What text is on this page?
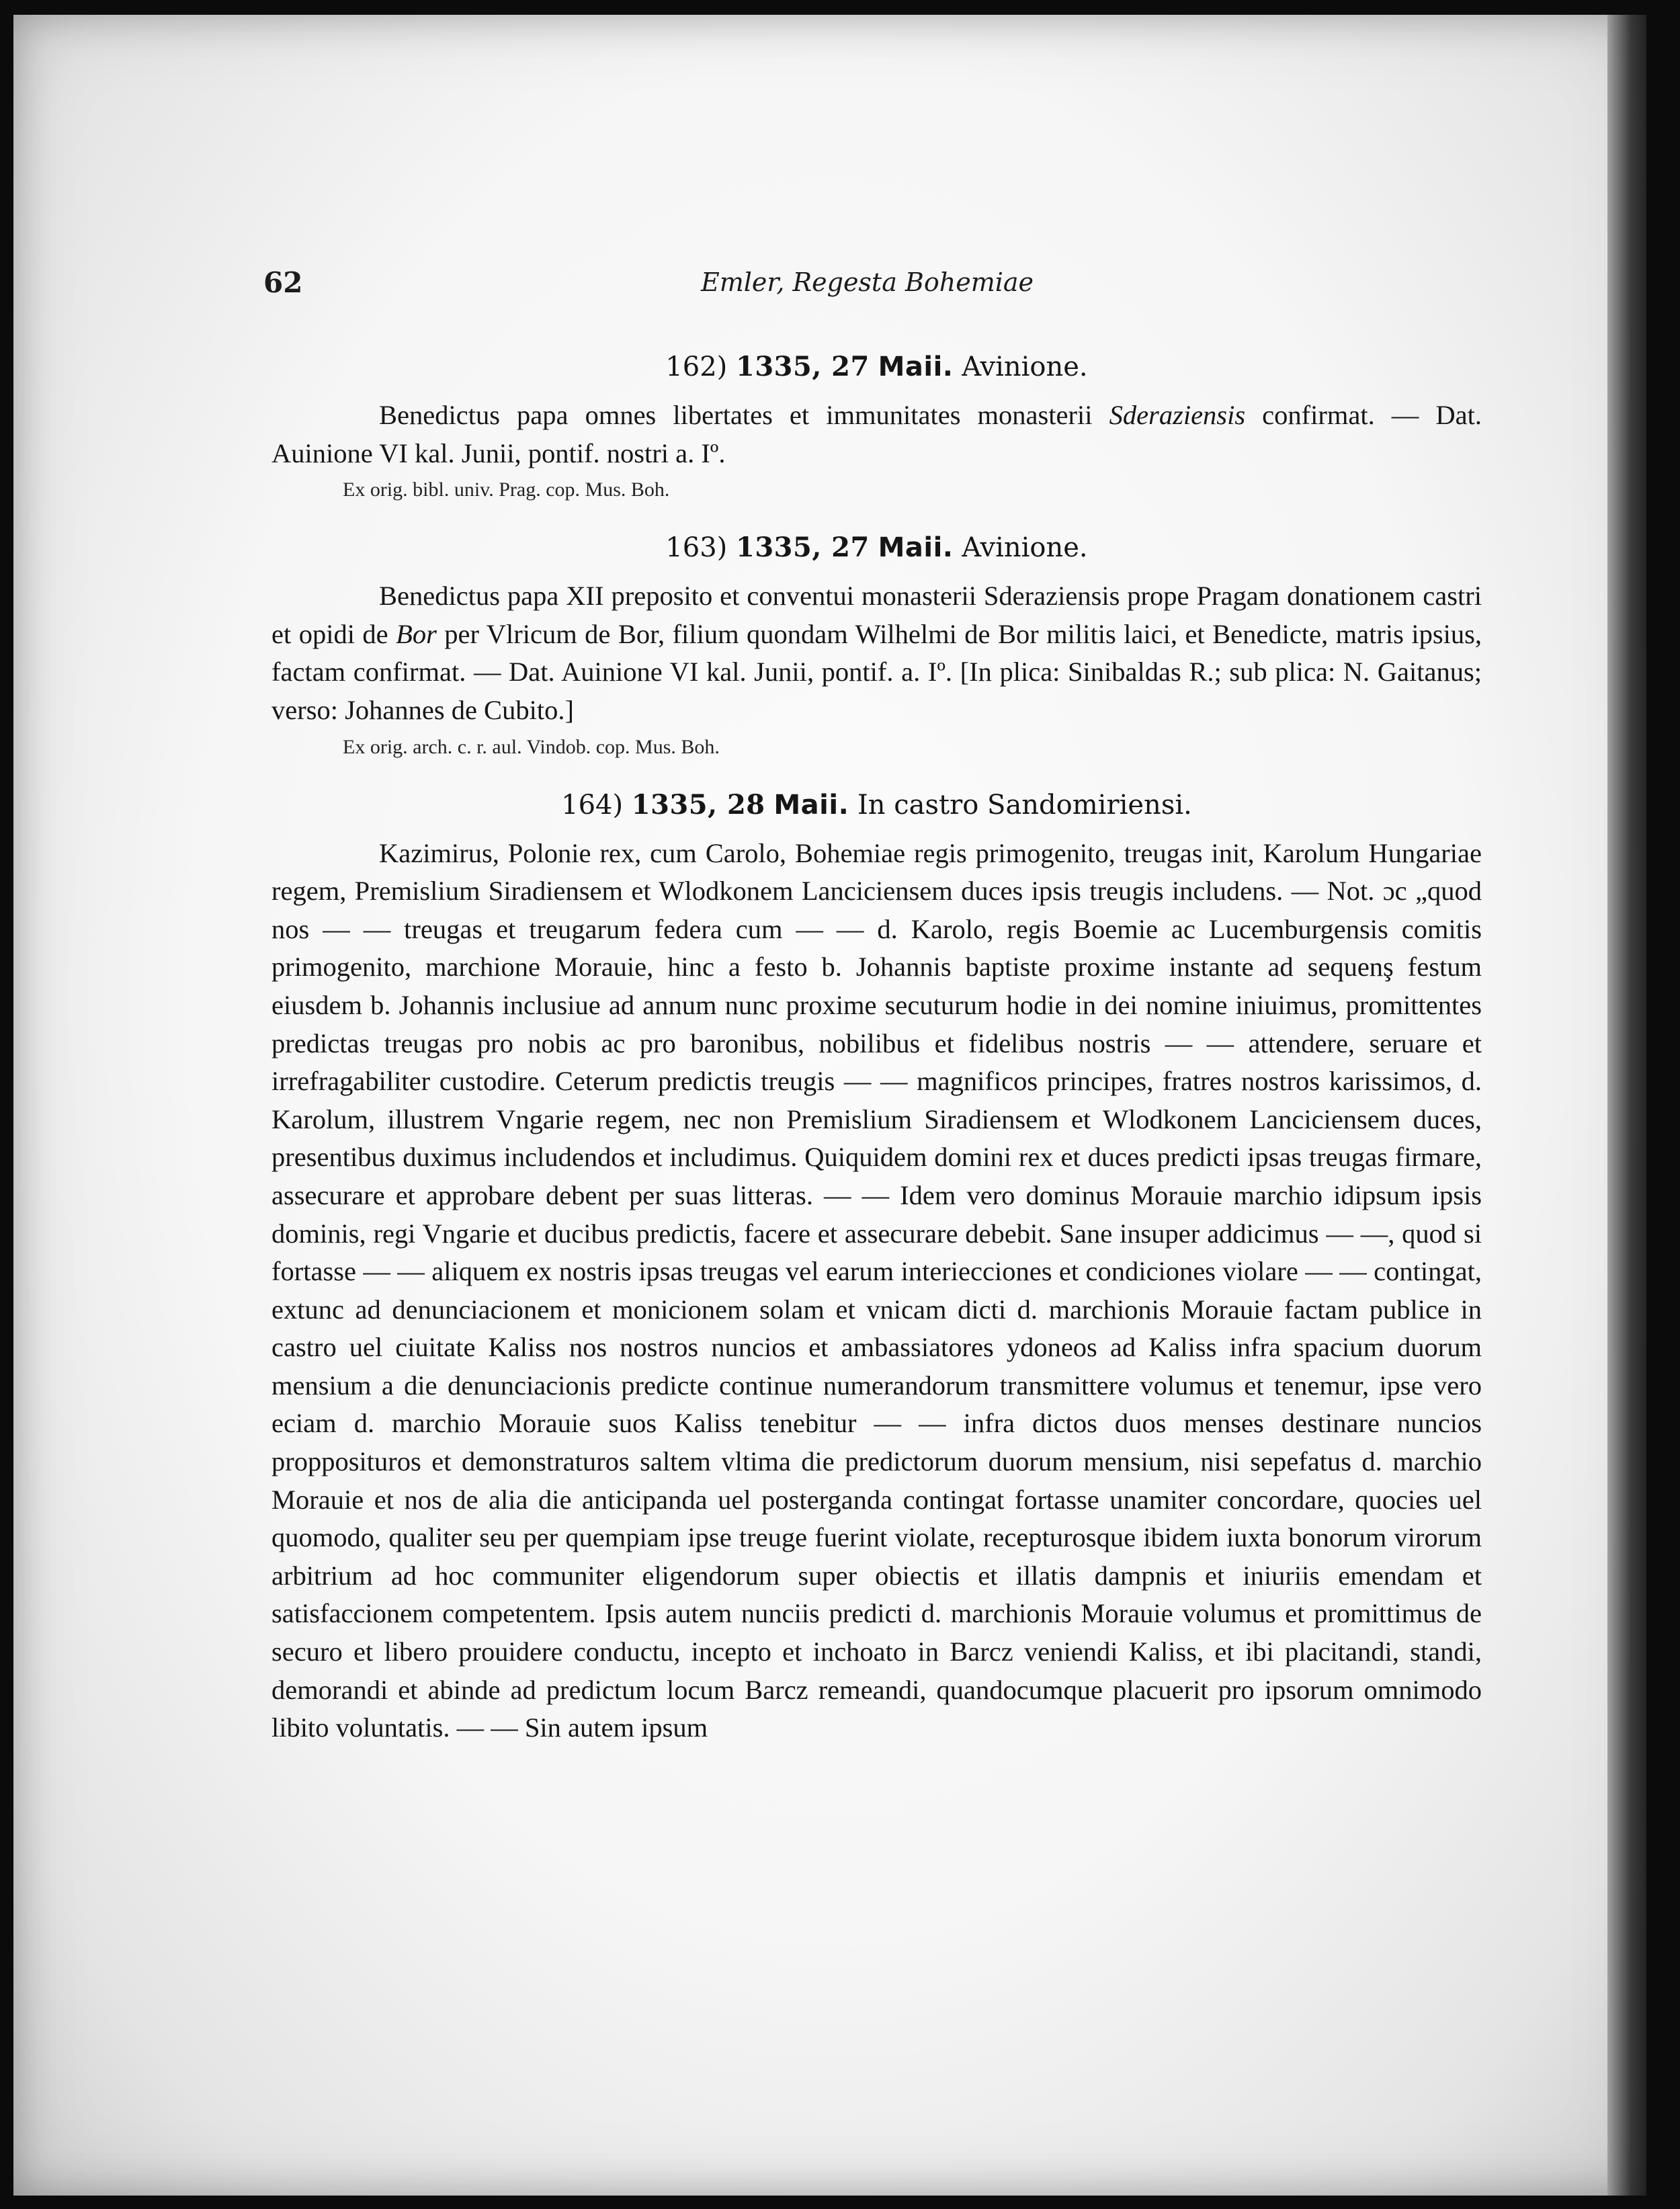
62	Emler, Regesta Bohemiae
162) 1335, 27 Maii. Avinione.

Benedictus papa omnes libertates et immunitates monasterii Sderaziensis confirmat. — Dat. Auinione VI kal. Junii, pontif. nostri a. Iº.

Ex orig. bibl. univ. Prag. cop. Mus. Boh.
163) 1335, 27 Maii. Avinione.

Benedictus papa XII preposito et conventui monasterii Sderaziensis prope Pragam donationem castri et opidi de Bor per Vlricum de Bor, filium quondam Wilhelmi de Bor militis laici, et Benedicte, matris ipsius, factam confirmat. — Dat. Auinione VI kal. Junii, pontif. a. Iº. [In plica: Sinibaldas R.; sub plica: N. Gaitanus; verso: Johannes de Cubito.]

Ex orig. arch. c. r. aul. Vindob. cop. Mus. Boh.
164) 1335, 28 Maii. In castro Sandomiriensi.

Kazimirus, Polonie rex, cum Carolo, Bohemiae regis primogenito, treugas init, Karolum Hungariae regem, Premislium Siradiensem et Wlodkonem Lanciciensem duces ipsis treugis includens. — Not. ɔc „quod nos — — treugas et treugarum federa cum — — d. Karolo, regis Boemie ac Lucemburgensis comitis primogenito, marchione Morauie, hinc a festo b. Johannis baptiste proxime instante ad sequenş festum eiusdem b. Johannis inclusiue ad annum nunc proxime secuturum hodie in dei nomine iniuimus, promittentes predictas treugas pro nobis ac pro baronibus, nobilibus et fidelibus nostris — — attendere, seruare et irrefragabiliter custodire. Ceterum predictis treugis — — magnificos principes, fratres nostros karissimos, d. Karolum, illustrem Vngarie regem, nec non Premislium Siradiensem et Wlodkonem Lanciciensem duces, presentibus duximus includendos et includimus. Quiquidem domini rex et duces predicti ipsas treugas firmare, assecurare et approbare debent per suas litteras. — — Idem vero dominus Morauie marchio idipsum ipsis dominis, regi Vngarie et ducibus predictis, facere et assecurare debebit. Sane insuper addicimus — —, quod si fortasse — — aliquem ex nostris ipsas treugas vel earum interiecciones et condiciones violare — — contingat, extunc ad denunciacionem et monicionem solam et vnicam dicti d. marchionis Morauie factam publice in castro uel ciuitate Kaliss nos nostros nuncios et ambassiatores ydoneos ad Kaliss infra spacium duorum mensium a die denunciacionis predicte continue numerandorum transmittere volumus et tenemur, ipse vero eciam d. marchio Morauie suos Kaliss tenebitur — — infra dictos duos menses destinare nuncios propposituros et demonstraturos saltem vltima die predictorum duorum mensium, nisi sepefatus d. marchio Morauie et nos de alia die anticipanda uel posterganda contingat fortasse unamiter concordare, quocies uel quomodo, qualiter seu per quempiam ipse treuge fuerint violate, recepturosque ibidem iuxta bonorum virorum arbitrium ad hoc communiter eligendorum super obiectis et illatis dampnis et iniuriis emendam et satisfaccionem competentem. Ipsis autem nunciis predicti d. marchionis Morauie volumus et promittimus de securo et libero prouidere conductu, incepto et inchoato in Barcz veniendi Kaliss, et ibi placitandi, standi, demorandi et abinde ad predictum locum Barcz remeandi, quandocumque placuerit pro ipsorum omnimodo libito voluntatis. — — Sin autem ipsum
